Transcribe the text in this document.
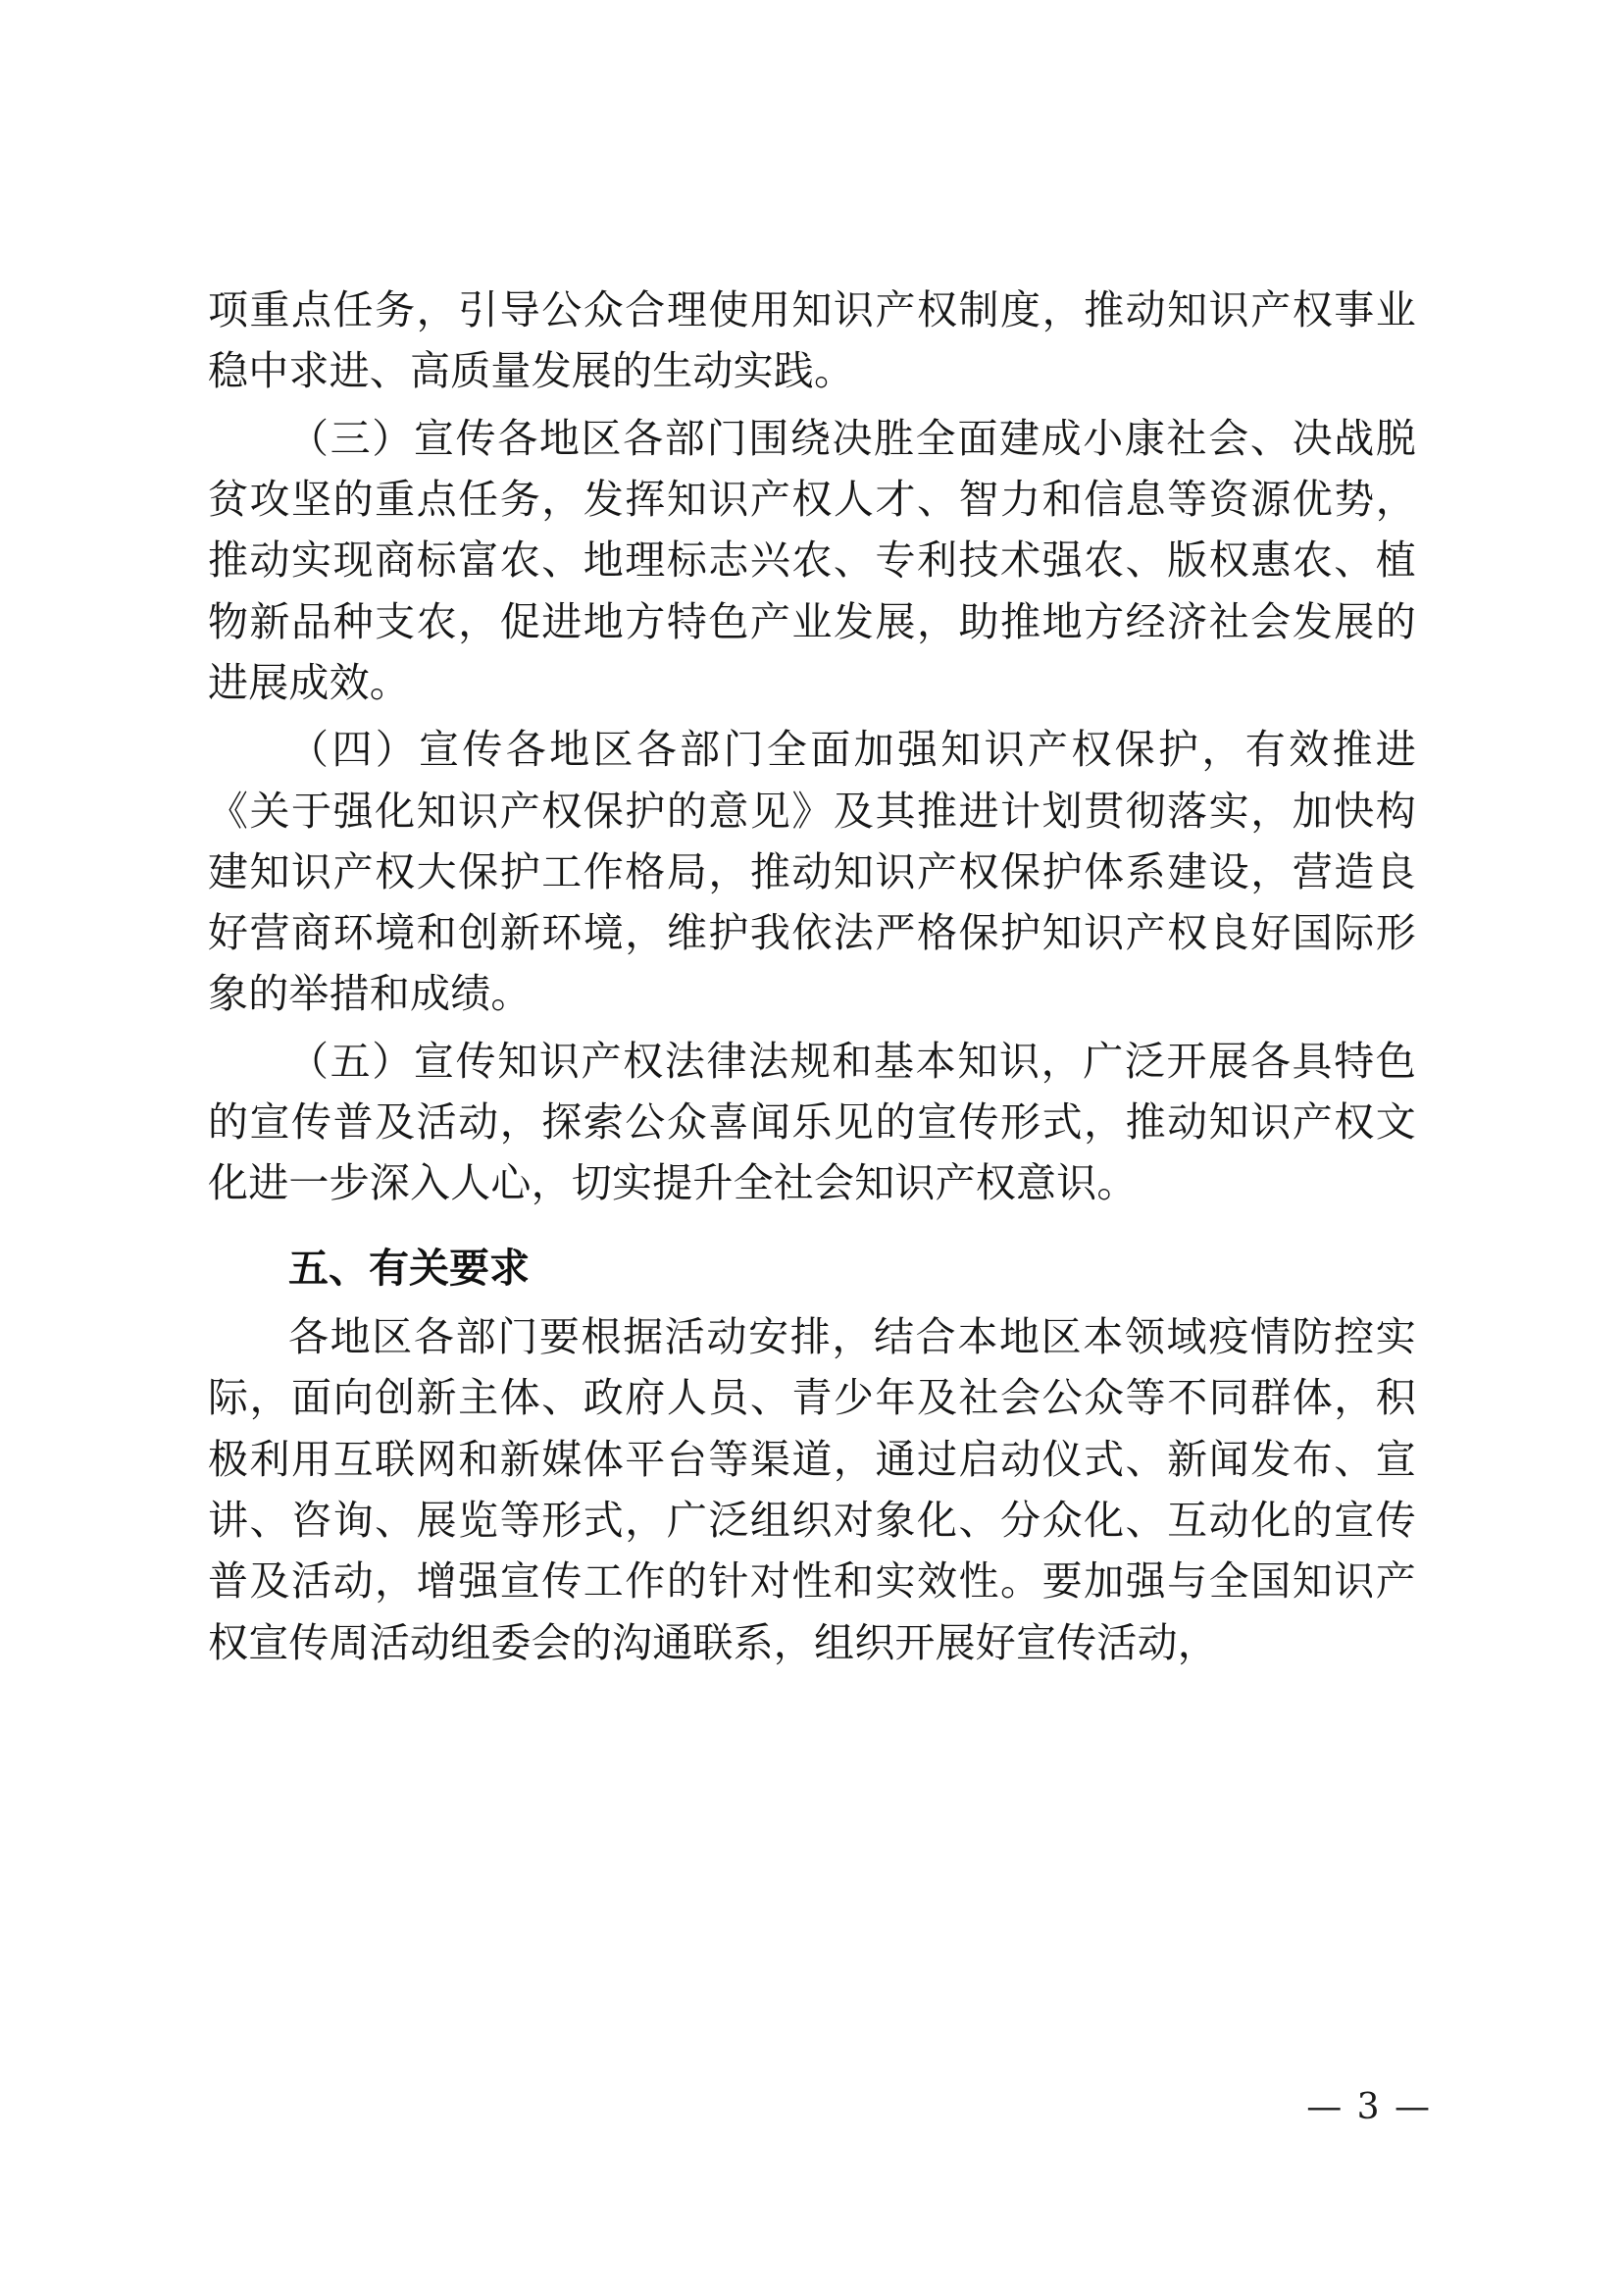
项重点任务，引导公众合理使用知识产权制度，推动知识产权事业稳中求进、高质量发展的生动实践。

（三）宣传各地区各部门围绕决胜全面建成小康社会、决战脱贫攻坚的重点任务，发挥知识产权人才、智力和信息等资源优势，推动实现商标富农、地理标志兴农、专利技术强农、版权惠农、植物新品种支农，促进地方特色产业发展，助推地方经济社会发展的进展成效。

（四）宣传各地区各部门全面加强知识产权保护，有效推进《关于强化知识产权保护的意见》及其推进计划贯彻落实，加快构建知识产权大保护工作格局，推动知识产权保护体系建设，营造良好营商环境和创新环境，维护我依法严格保护知识产权良好国际形象的举措和成绩。

（五）宣传知识产权法律法规和基本知识，广泛开展各具特色的宣传普及活动，探索公众喜闻乐见的宣传形式，推动知识产权文化进一步深入人心，切实提升全社会知识产权意识。

五、有关要求

各地区各部门要根据活动安排，结合本地区本领域疫情防控实际，面向创新主体、政府人员、青少年及社会公众等不同群体，积极利用互联网和新媒体平台等渠道，通过启动仪式、新闻发布、宣讲、咨询、展览等形式，广泛组织对象化、分众化、互动化的宣传普及活动，增强宣传工作的针对性和实效性。要加强与全国知识产权宣传周活动组委会的沟通联系，组织开展好宣传活动，

— 3 —
